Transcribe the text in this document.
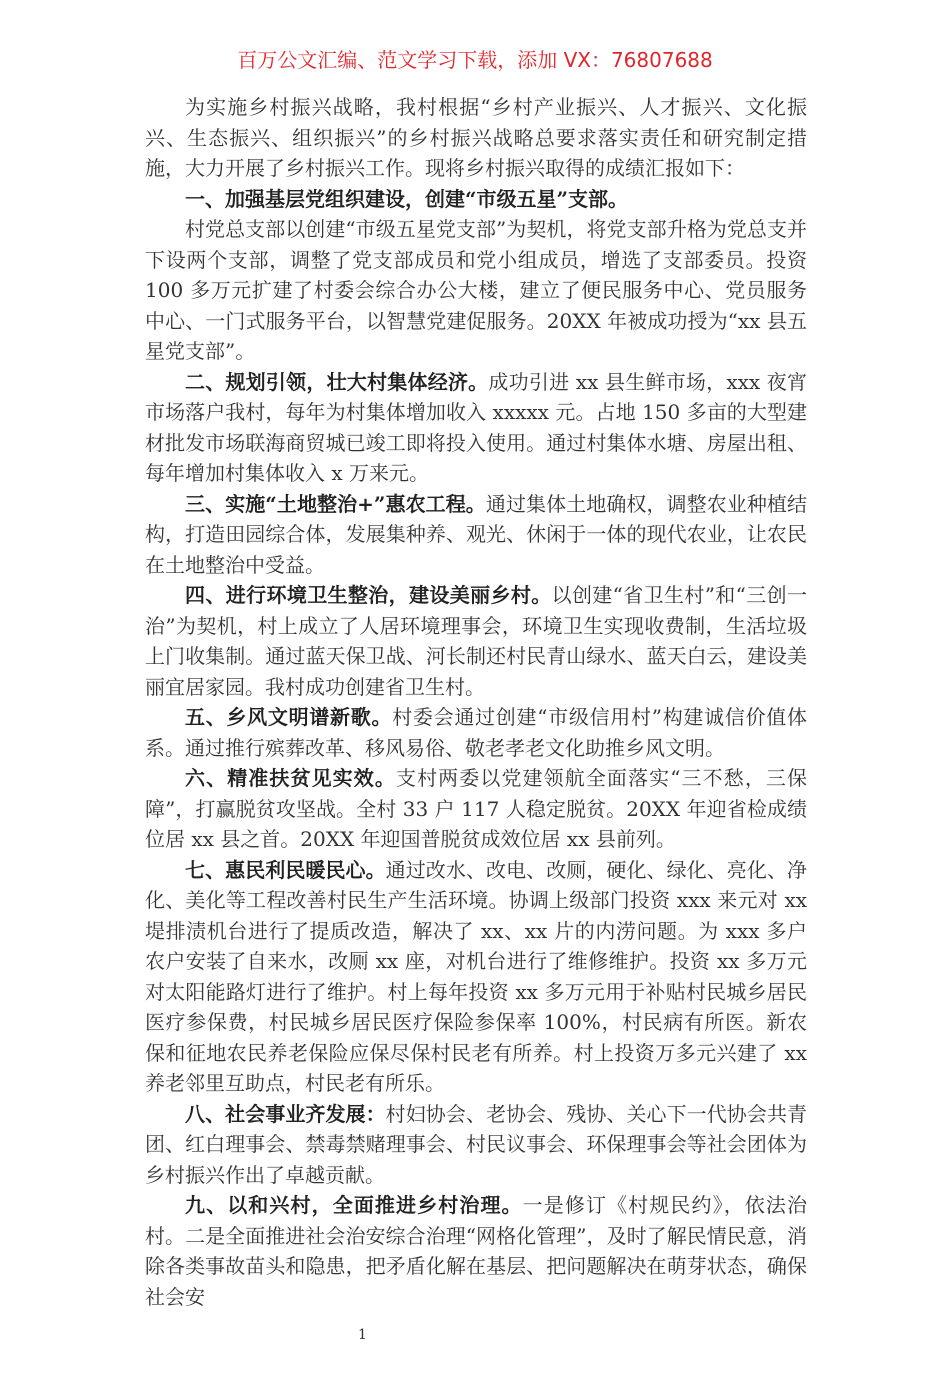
百万公文汇编、范文学习下载，添加 VX：76807688

为实施乡村振兴战略，我村根据“乡村产业振兴、人才振兴、文化振兴、生态振兴、组织振兴”的乡村振兴战略总要求落实责任和研究制定措施，大力开展了乡村振兴工作。现将乡村振兴取得的成绩汇报如下：

一、加强基层党组织建设，创建“市级五星”支部。

村党总支部以创建“市级五星党支部”为契机，将党支部升格为党总支并下设两个支部，调整了党支部成员和党小组成员，增选了支部委员。投资 100 多万元扩建了村委会综合办公大楼，建立了便民服务中心、党员服务中心、一门式服务平台，以智慧党建促服务。20XX 年被成功授为“xx 县五星党支部”。

二、规划引领，壮大村集体经济。成功引进 xx 县生鲜市场，xxx 夜宵市场落户我村，每年为村集体增加收入 xxxxx 元。占地 150 多亩的大型建材批发市场联海商贸城已竣工即将投入使用。通过村集体水塘、房屋出租、每年增加村集体收入 x 万来元。

三、实施“土地整治+”惠农工程。通过集体土地确权，调整农业种植结构，打造田园综合体，发展集种养、观光、休闲于一体的现代农业，让农民在土地整治中受益。

四、进行环境卫生整治，建设美丽乡村。以创建“省卫生村”和“三创一治”为契机，村上成立了人居环境理事会，环境卫生实现收费制，生活垃圾上门收集制。通过蓝天保卫战、河长制还村民青山绿水、蓝天白云，建设美丽宜居家园。我村成功创建省卫生村。

五、乡风文明谱新歌。村委会通过创建“市级信用村”构建诚信价值体系。通过推行殡葬改革、移风易俗、敬老孝老文化助推乡风文明。

六、精准扶贫见实效。支村两委以党建领航全面落实“三不愁，三保障”，打赢脱贫攻坚战。全村 33 户 117 人稳定脱贫。20XX 年迎省检成绩位居 xx 县之首。20XX 年迎国普脱贫成效位居 xx 县前列。

七、惠民利民暖民心。通过改水、改电、改厕，硬化、绿化、亮化、净化、美化等工程改善村民生产生活环境。协调上级部门投资 xxx 来元对 xx 堤排渍机台进行了提质改造，解决了 xx、xx 片的内涝问题。为 xxx 多户农户安装了自来水，改厕 xx 座，对机台进行了维修维护。投资 xx 多万元对太阳能路灯进行了维护。村上每年投资 xx 多万元用于补贴村民城乡居民医疗参保费，村民城乡居民医疗保险参保率 100%，村民病有所医。新农保和征地农民养老保险应保尽保村民老有所养。村上投资万多元兴建了 xx 养老邻里互助点，村民老有所乐。

八、社会事业齐发展：村妇协会、老协会、残协、关心下一代协会共青团、红白理事会、禁毒禁赌理事会、村民议事会、环保理事会等社会团体为乡村振兴作出了卓越贡献。

九、以和兴村，全面推进乡村治理。一是修订《村规民约》，依法治村。二是全面推进社会治安综合治理“网格化管理”，及时了解民情民意，消除各类事故苗头和隐患，把矛盾化解在基层、把问题解决在萌芽状态，确保社会安

1
